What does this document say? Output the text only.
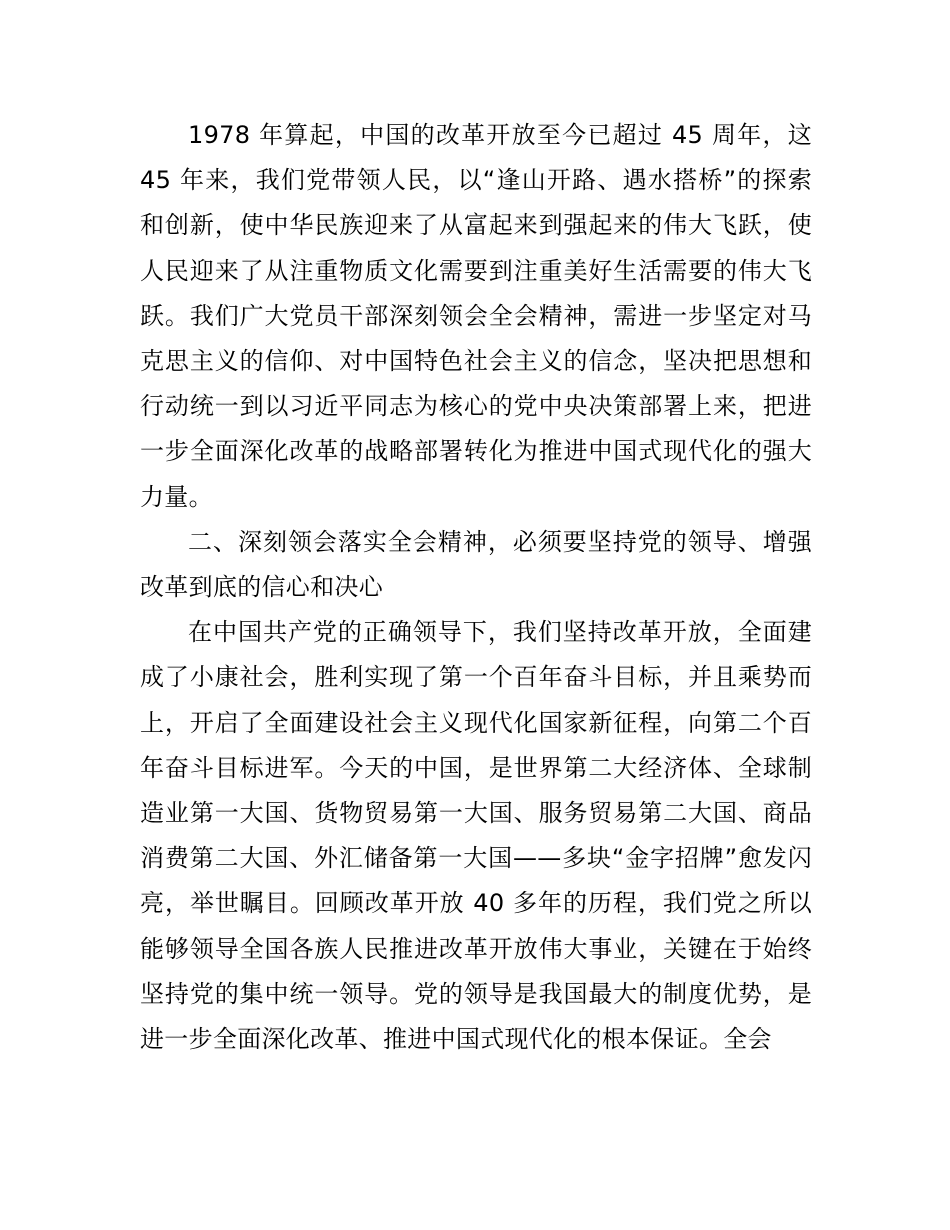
1978 年算起，中国的改革开放至今已超过 45 周年，这 45 年来，我们党带领人民，以“逢山开路、遇水搭桥”的探索和创新，使中华民族迎来了从富起来到强起来的伟大飞跃，使人民迎来了从注重物质文化需要到注重美好生活需要的伟大飞跃。我们广大党员干部深刻领会全会精神，需进一步坚定对马克思主义的信仰、对中国特色社会主义的信念，坚决把思想和行动统一到以习近平同志为核心的党中央决策部署上来，把进一步全面深化改革的战略部署转化为推进中国式现代化的强大力量。

二、深刻领会落实全会精神，必须要坚持党的领导、增强改革到底的信心和决心

在中国共产党的正确领导下，我们坚持改革开放，全面建成了小康社会，胜利实现了第一个百年奋斗目标，并且乘势而上，开启了全面建设社会主义现代化国家新征程，向第二个百年奋斗目标进军。今天的中国，是世界第二大经济体、全球制造业第一大国、货物贸易第一大国、服务贸易第二大国、商品消费第二大国、外汇储备第一大国——多块“金字招牌”愈发闪亮，举世瞩目。回顾改革开放 40 多年的历程，我们党之所以能够领导全国各族人民推进改革开放伟大事业，关键在于始终坚持党的集中统一领导。党的领导是我国最大的制度优势，是进一步全面深化改革、推进中国式现代化的根本保证。全会
